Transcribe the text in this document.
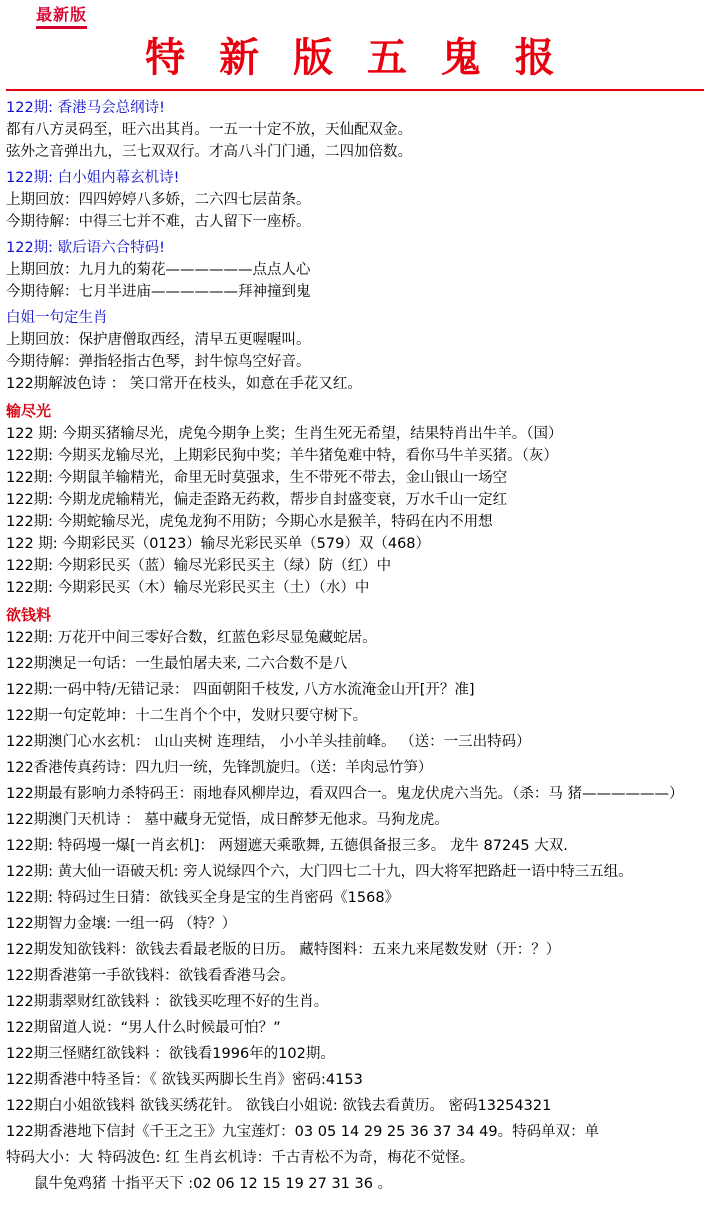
最新版
特 新 版 五 鬼 报
122期: 香港马会总纲诗!
都有八方灵码至，旺六出其肖。一五一十定不放，天仙配双金。
弦外之音弹出九，三七双双行。才高八斗门门通，二四加倍数。
122期: 白小姐内幕玄机诗!
上期回放：四四婷婷八多娇，二六四七层苗条。
今期待解：中得三七并不难，古人留下一座桥。
122期: 歇后语六合特码!
上期回放：九月九的菊花——————点点人心
今期待解：七月半进庙——————拜神撞到鬼
白姐一句定生肖
上期回放：保护唐僧取西经，清早五更喔喔叫。
今期待解：弹指轻指古色琴，封牛惊鸟空好音。
122期解波色诗 ： 笑口常开在枝头，如意在手花又红。
输尽光
122 期: 今期买猪输尽光，虎兔今期争上奖；生肖生死无希望，结果特肖出牛羊。（国）
122期: 今期买龙输尽光，上期彩民狗中奖；羊牛猪兔难中特，看你马牛羊买猪。（灰）
122期: 今期鼠羊输精光，命里无时莫强求，生不带死不带去，金山银山一场空
122期: 今期龙虎输精光，偏走歪路无药救，帮步自封盛变衰，万水千山一定红
122期: 今期蛇输尽光，虎兔龙狗不用防；今期心水是猴羊，特码在内不用想
122 期: 今期彩民买（0123）输尽光彩民买单（579）双（468）
122期: 今期彩民买（蓝）输尽光彩民买主（绿）防（红）中
122期: 今期彩民买（木）输尽光彩民买主（土）（水）中
欲钱料
122期: 万花开中间三零好合数，红蓝色彩尽显兔藏蛇居。
122期澳足一句话：一生最怕屠夫来, 二六合数不是八
122期:一码中特/无错记录： 四面朝阳千枝发, 八方水流淹金山开[开？准]
122期一句定乾坤：十二生肖个个中，发财只要守树下。
122期澳门心水玄机： 山山夹树 连理结， 小小羊头挂前峰。 （送：一三出特码）
122香港传真药诗：四九归一统，先锋凯旋归。（送：羊肉忌竹笋）
122期最有影响力杀特码王：雨地春风柳岸边，看双四合一。鬼龙伏虎六当先。（杀：马 猪——————）
122期澳门天机诗 ： 墓中藏身无觉悟，成日醉梦无他求。马狗龙虎。
122期: 特码墁一爆[一肖玄机]： 两翅遮天乘歌舞, 五德俱备报三多。 龙牛 87245 大双.
122期: 黄大仙一语破天机: 旁人说绿四个六，大门四七二十九，四大将军把路赶一语中特三五组。
122期: 特码过生日猜：欲钱买全身是宝的生肖密码《1568》
122期智力金壤: 一组一码 （特？）
122期发知欲钱料：欲钱去看最老版的日历。 藏特图料：五来九来尾数发财（开：？）
122期香港第一手欲钱料：欲钱看香港马会。
122期翡翠财红欲钱料 ：欲钱买吃理不好的生肖。
122期留道人说：“男人什么时候最可怕？”
122期三怪赌红欲钱料 ：欲钱看1996年的102期。
122期香港中特圣旨：《 欲钱买两脚长生肖》密码:4153
122期白小姐欲钱料 欲钱买绣花针。 欲钱白小姐说: 欲钱去看黄历。 密码13254321
122期香港地下信封《千王之王》九宝莲灯：03 05 14 29 25 36 37 34 49。特码单双：单
特码大小：大 特码波色: 红 生肖玄机诗：千古青松不为奇，梅花不觉怪。
鼠牛兔鸡猪 十指平天下 :02 06 12 15 19 27 31 36 。
